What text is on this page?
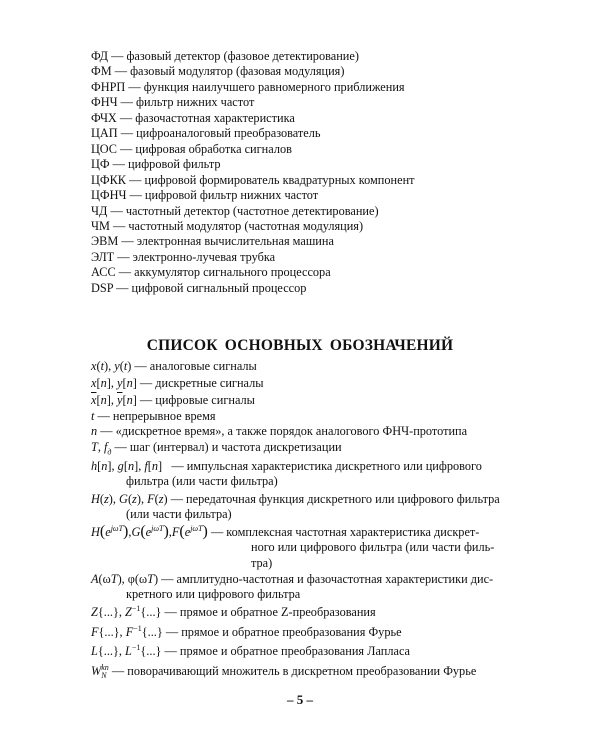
ФД — фазовый детектор (фазовое детектирование)
ФМ — фазовый модулятор (фазовая модуляция)
ФНРП — функция наилучшего равномерного приближения
ФНЧ — фильтр нижних частот
ФЧХ — фазочастотная характеристика
ЦАП — цифроаналоговый преобразователь
ЦОС — цифровая обработка сигналов
ЦФ — цифровой фильтр
ЦФКК — цифровой формирователь квадратурных компонент
ЦФНЧ — цифровой фильтр нижних частот
ЧД — частотный детектор (частотное детектирование)
ЧМ — частотный модулятор (частотная модуляция)
ЭВМ — электронная вычислительная машина
ЭЛТ — электронно-лучевая трубка
АСС — аккумулятор сигнального процессора
DSP — цифровой сигнальный процессор
СПИСОК ОСНОВНЫХ ОБОЗНАЧЕНИЙ
x(t), y(t) — аналоговые сигналы
x[n], y[n] — дискретные сигналы
$\overline{x}[n]$, $\overline{y}[n]$ — цифровые сигналы
t — непрерывное время
n — «дискретное время», а также порядок аналогового ФНЧ-прототипа
T, $f_д$ — шаг (интервал) и частота дискретизации
h[n], g[n], f[n]   — импульсная характеристика дискретного или цифрового
фильтра (или части фильтра)
H(z), G(z), F(z) — передаточная функция дискретного или цифрового фильтра
(или части фильтра)
$H(e^{j\omega T}),G(e^{j\omega T}),F(e^{j\omega T})$ — комплексная частотная характеристика дискрет-
ного или цифрового фильтра (или части филь-
тра)
A(ωT), φ(ωT) — амплитудно-частотная и фазочастотная характеристики дис-
кретного или цифрового фильтра
Z{...}, $Z^{-1}\{...\}$ — прямое и обратное Z-преобразования
F{...}, $F^{-1}\{...\}$ — прямое и обратное преобразования Фурье
L{...}, $L^{-1}\{...\}$ — прямое и обратное преобразования Лапласа
W kn
N — поворачивающий множитель в дискретном преобразовании Фурье
– 5 –
